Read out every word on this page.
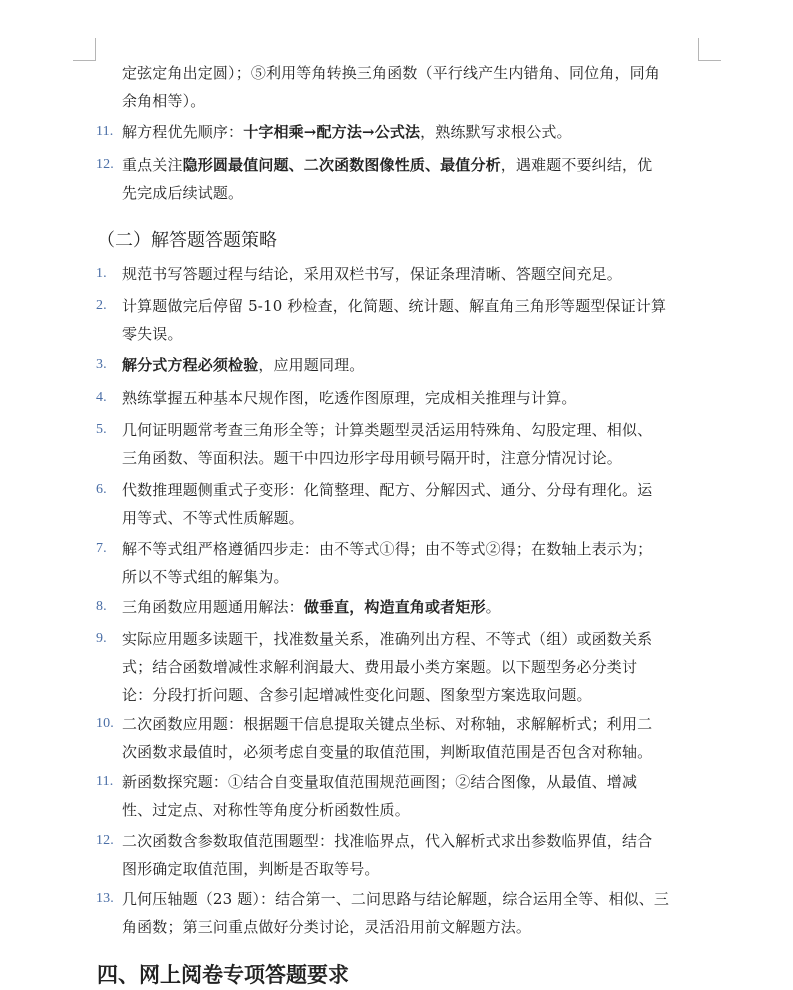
定弦定角出定圆）；⑤利用等角转换三角函数（平行线产生内错角、同位角，同角
余角相等）。
11. 解方程优先顺序：十字相乘→配方法→公式法，熟练默写求根公式。
12. 重点关注隐形圆最值问题、二次函数图像性质、最值分析，遇难题不要纠结，优
先完成后续试题。
（二）解答题答题策略
1.	规范书写答题过程与结论，采用双栏书写，保证条理清晰、答题空间充足。
2.	计算题做完后停留 5-10 秒检查，化简题、统计题、解直角三角形等题型保证计算
零失误。
3.	解分式方程必须检验，应用题同理。
4.	熟练掌握五种基本尺规作图，吃透作图原理，完成相关推理与计算。
5.	几何证明题常考查三角形全等；计算类题型灵活运用特殊角、勾股定理、相似、
三角函数、等面积法。题干中四边形字母用顿号隔开时，注意分情况讨论。
6.	代数推理题侧重式子变形：化简整理、配方、分解因式、通分、分母有理化。运
用等式、不等式性质解题。
7.	解不等式组严格遵循四步走：由不等式①得；由不等式②得；在数轴上表示为；
所以不等式组的解集为。
8.	三角函数应用题通用解法：做垂直，构造直角或者矩形。
9.	实际应用题多读题干，找准数量关系，准确列出方程、不等式（组）或函数关系
式；结合函数增减性求解利润最大、费用最小类方案题。以下题型务必分类讨
论：分段打折问题、含参引起增减性变化问题、图象型方案选取问题。
10. 二次函数应用题：根据题干信息提取关键点坐标、对称轴，求解解析式；利用二
次函数求最值时，必须考虑自变量的取值范围，判断取值范围是否包含对称轴。
11. 新函数探究题：①结合自变量取值范围规范画图；②结合图像，从最值、增减
性、过定点、对称性等角度分析函数性质。
12. 二次函数含参数取值范围题型：找准临界点，代入解析式求出参数临界值，结合
图形确定取值范围，判断是否取等号。
13. 几何压轴题（23 题）：结合第一、二问思路与结论解题，综合运用全等、相似、三
角函数；第三问重点做好分类讨论，灵活沿用前文解题方法。
四、网上阅卷专项答题要求
